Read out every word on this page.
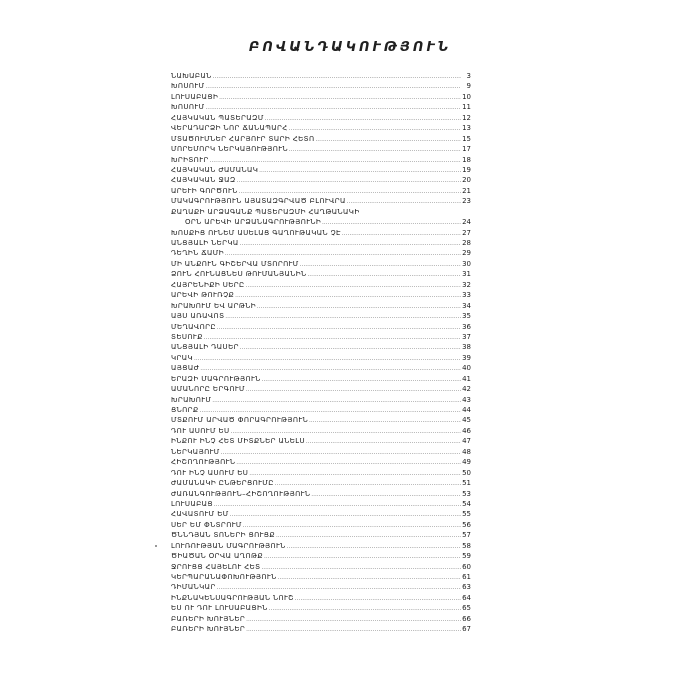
ԲՈՎԱՆԴԱԿՈՒԹՅՈՒՆ
ՆԱԽԱԲԱՆ .....	3
ԽՈՍՈՒՄ .....	9
ԼՈՒՍԱԲԱՑԻ .....	10
ԽՈՍՈՒՄ .....	11
ՀԱՅԿԱԿԱՆ ՊԱՏԵՐԱԶՄ .....	12
ՎԵՐԱԴԱՐՁԻ ՆՈՐ ՃԱՆԱՊԱՐՀ .....	13
ՄՏԱԾՈՒՄՆԵՐ ՀԱՐՅՈՒՐ ՏԱՐԻ ՀԵՏՈ .....	15
ՄՈՐԵՄՈՐԿ ՆԵՐԿԱՅՈՒԹՅՈՒՆ .....	17
ԽՐԻՏՈՒՐ .....	18
ՀԱՅԿԱԿԱՆ ԺԱՄԱՆԱԿ .....	19
ՀԱՅԿԱԿԱՆ ՋԱԶ .....	20
ԱՐԵՒԻ ԳՈՐԾՈՒՆ .....	21
ՄԱԿԱԳՐՈՒԹՅՈՒՆ ԱՅԱՏԱԶԳՐՎԱԾ ԲԼՈՒՎՐԱ .....	23
ՔԱՂԱՔԻ ԱՐՁԱԳԱՆՔ ՊԱՏԵՐԱԶՄԻ ՀԱՂԹԱՆԱԿԻ
ՕՐՆ ԱՐԵՎԻ ԱՐՁԱՆԱԳՐՈՒԹՅՈՒՆԻ .....	24
ԽՈՍՔԻՑ ՈՒՆԵՄ ԱՍԵԼԱՑ ԳԱՂՈՒԹԱԿԱՆ ՉԷ .....	27
ԱՆՑՅԱԼԻ ՆԵՐԿԱ .....	28
ԴԵՂԻՆ ՃԱՄԻ .....	29
ՄԻ ԱՆՔՈՒՆ ԳԻՇԵՐՎԱ ՄՏՈՐՈՒՄ .....	30
ՁՈՒՆ ՀՈՒՆԱՑՆԵՍ ԹՈՒՄԱՆՅԱՆԻՆ .....	31
ՀԱՅՐԵՆԻՔԻ ՍԵՐԸ .....	32
ԱՐԵՎԻ ԹՈՒՌՉՔ .....	33
ԽՐԱԽՈՒՄ ԵՎ ԱՐԹՆԻ .....	34
ԱՅՍ ԱՌԱՎՈՏ .....	35
ՄԵՂԱՎՈՐԸ .....	36
ՏԵՍՈՒՔ .....	37
ԱՆՑՅԱԼԻ ԴԱՍԵՐ .....	38
ԿՐԱԿ .....	39
ԱՅՑԱԺ .....	40
ԵՐԱԶԻ ՄԱԳՐՈՒԹՅՈՒՆ .....	41
ԱՄԱՆՈՐԸ ԵՐԳՈՒՄ .....	42
ԽՐԱԽՈՒՄ .....	43
ՑՆՈՐՔ .....	44
ՄՏՔՈՒՄ ԱՐՎԱԾ ՓՈՐԱԳՐՈՒԹՅՈՒՆ .....	45
ԴՈՒ ԱՍՈՒՄ ԵՍ .....	46
ԻՆՔՈՒ ԻՆՉ ՀԵՏ ՄԻՏՔՆԵՐ ԱՆԵԼՍ .....	47
ՆԵՐԿԱՅՈՒՄ .....	48
ՀԻՇՈՂՈՒԹՅՈՒՆ .....	49
ԴՈՒ ԻՆՉ ԱՍՈՒՄ ԵՍ .....	50
ԺԱՄԱՆԱԿԻ ԸՆԹԵՐՑՈՒՄԸ .....	51
ԺԱՌԱՆԳՈՒԹՅՈՒՆ–ՀԻՇՈՂՈՒԹՅՈՒՆ .....	53
ԼՈՒՍԱԲԱՑ .....	54
ՀԱՎԱՏՈՒՄ ԵՄ .....	55
ՍԵՐ ԵՄ ՓՆՏՐՈՒՄ .....	56
ԾՆՆԴՅԱՆ ՏՈՆԵՐԻ ՑՈՒՑՔ .....	57
ԼՈՒՌՈՒԹՅԱՆ ՄԱԳՐՈՒԹՅՈՒՆ .....	58
ԾԻԱԾԱՆ ՕՐՎԱ ԱՂՈԹՔ .....	59
ՋՐՈՒՑՑ ՀԱՅԵԼՈՒ ՀԵՏ .....	60
ԿԵՐՊԱՐԱՆԱՓՈԽՈՒԹՅՈՒՆ .....	61
ԴԻՄԱՆԿԱՐ .....	63
ԻՆՔՆԱԿԵՆՍԱԳՐՈՒԹՅԱՆ ՆՈՒՇ .....	64
ԵՍ ՈՒ ԴՈՒ ԼՈՒՍԱԲԱՑԻՆ .....	65
ԲԱՌԵՐԻ ԽՈՒՅՆԵՐ .....	66
ԲԱՌԵՐԻ ԽՈՒՅՆԵՐ .....	67
